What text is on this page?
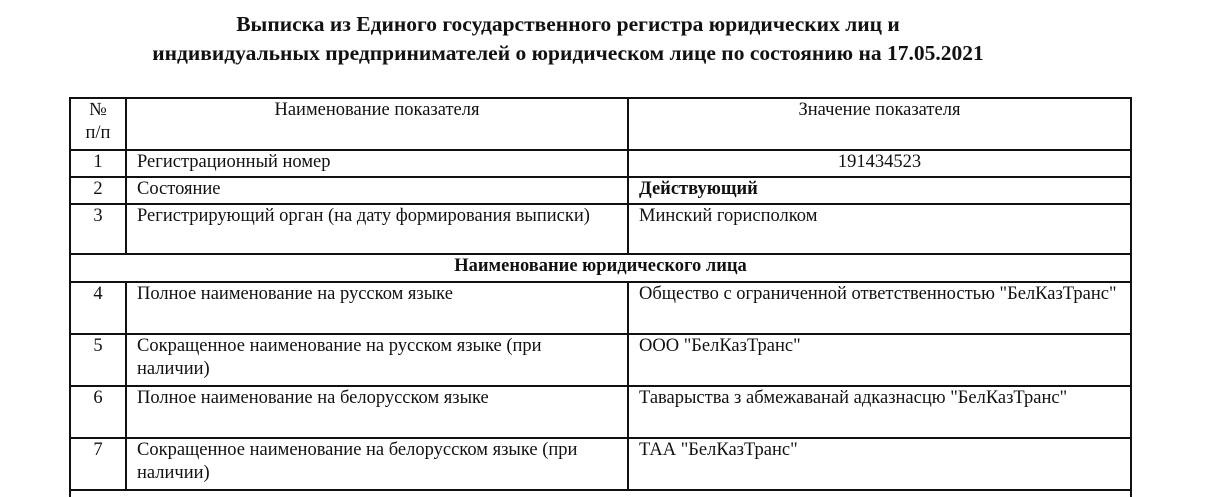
Выписка из Единого государственного регистра юридических лиц и
индивидуальных предпринимателей о юридическом лице по состоянию на 17.05.2021
№
п/п	Наименование показателя	Значение показателя
1	Регистрационный номер	191434523
2	Состояние	Действующий
3	Регистрирующий орган (на дату формирования выписки)	Минский горисполком
Наименование юридического лица		
4	Полное наименование на русском языке	Общество с ограниченной ответственностью "БелКазТранс"
5	Сокращенное наименование на русском языке (при наличии)	ООО "БелКазТранс"
6	Полное наименование на белорусском языке	Таварыства з абмежаванай адказнасцю "БелКазТранс"
7	Сокращенное наименование на белорусском языке (при наличии)	ТАА "БелКазТранс"
